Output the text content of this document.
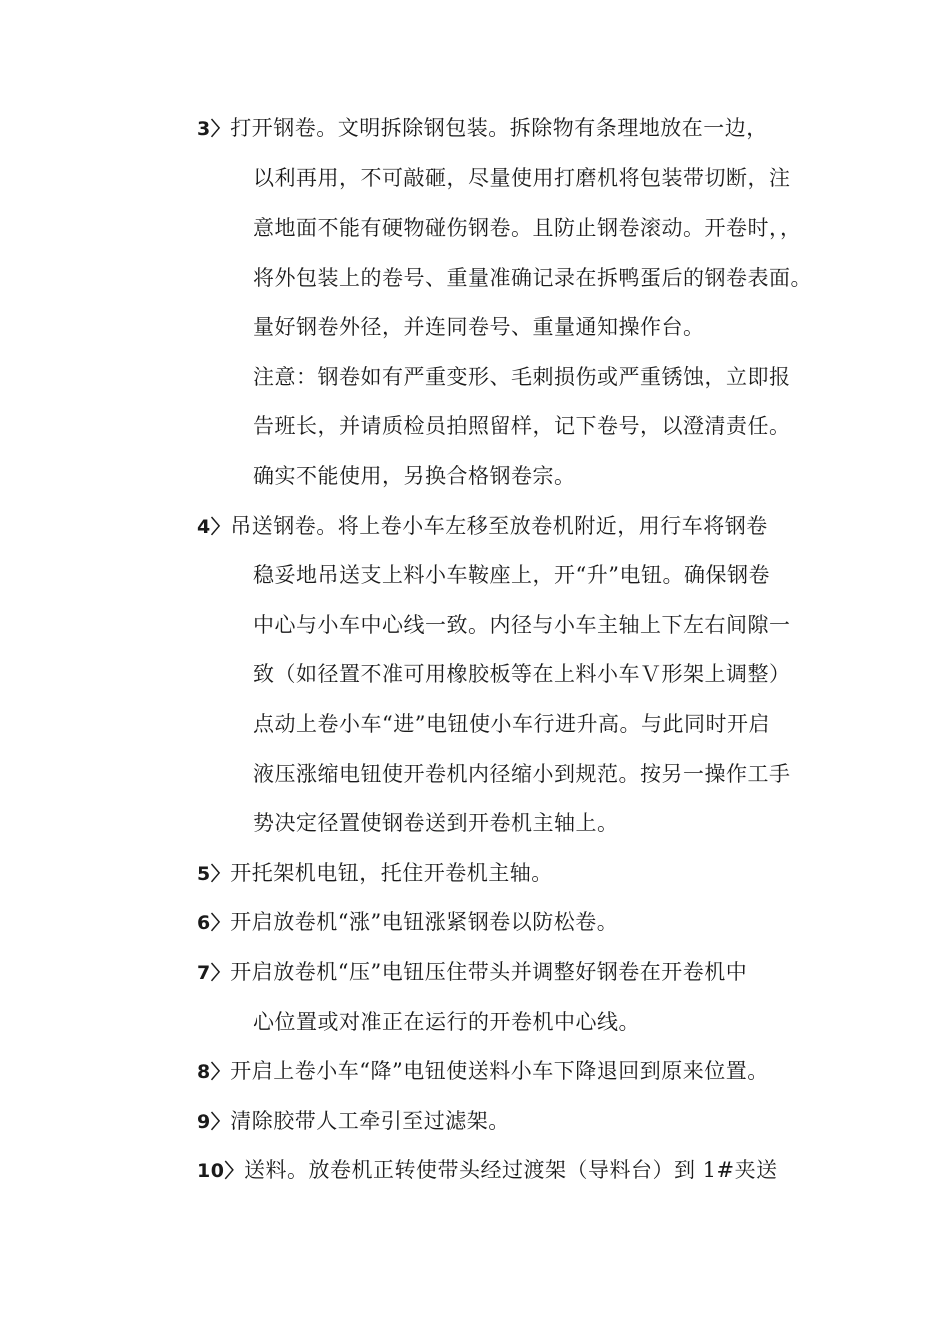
3〉打开钢卷。文明拆除钢包装。拆除物有条理地放在一边，
以利再用，不可敲砸，尽量使用打磨机将包装带切断，注
意地面不能有硬物碰伤钢卷。且防止钢卷滚动。开卷时，，
将外包装上的卷号、重量准确记录在拆鸭蛋后的钢卷表面。
量好钢卷外径，并连同卷号、重量通知操作台。
注意：钢卷如有严重变形、毛刺损伤或严重锈蚀，立即报
告班长，并请质检员拍照留样，记下卷号，以澄清责任。
确实不能使用，另换合格钢卷宗。
4〉吊送钢卷。将上卷小车左移至放卷机附近，用行车将钢卷
稳妥地吊送支上料小车鞍座上，开“升”电钮。确保钢卷
中心与小车中心线一致。内径与小车主轴上下左右间隙一
致（如径置不准可用橡胶板等在上料小车Ｖ形架上调整）
点动上卷小车“进”电钮使小车行进升高。与此同时开启
液压涨缩电钮使开卷机内径缩小到规范。按另一操作工手
势决定径置使钢卷送到开卷机主轴上。
5〉开托架机电钮，托住开卷机主轴。
6〉开启放卷机“涨”电钮涨紧钢卷以防松卷。
7〉开启放卷机“压”电钮压住带头并调整好钢卷在开卷机中
心位置或对准正在运行的开卷机中心线。
8〉开启上卷小车“降”电钮使送料小车下降退回到原来位置。
9〉清除胶带人工牵引至过滤架。
10〉送料。放卷机正转使带头经过渡架（导料台）到 1#夹送
